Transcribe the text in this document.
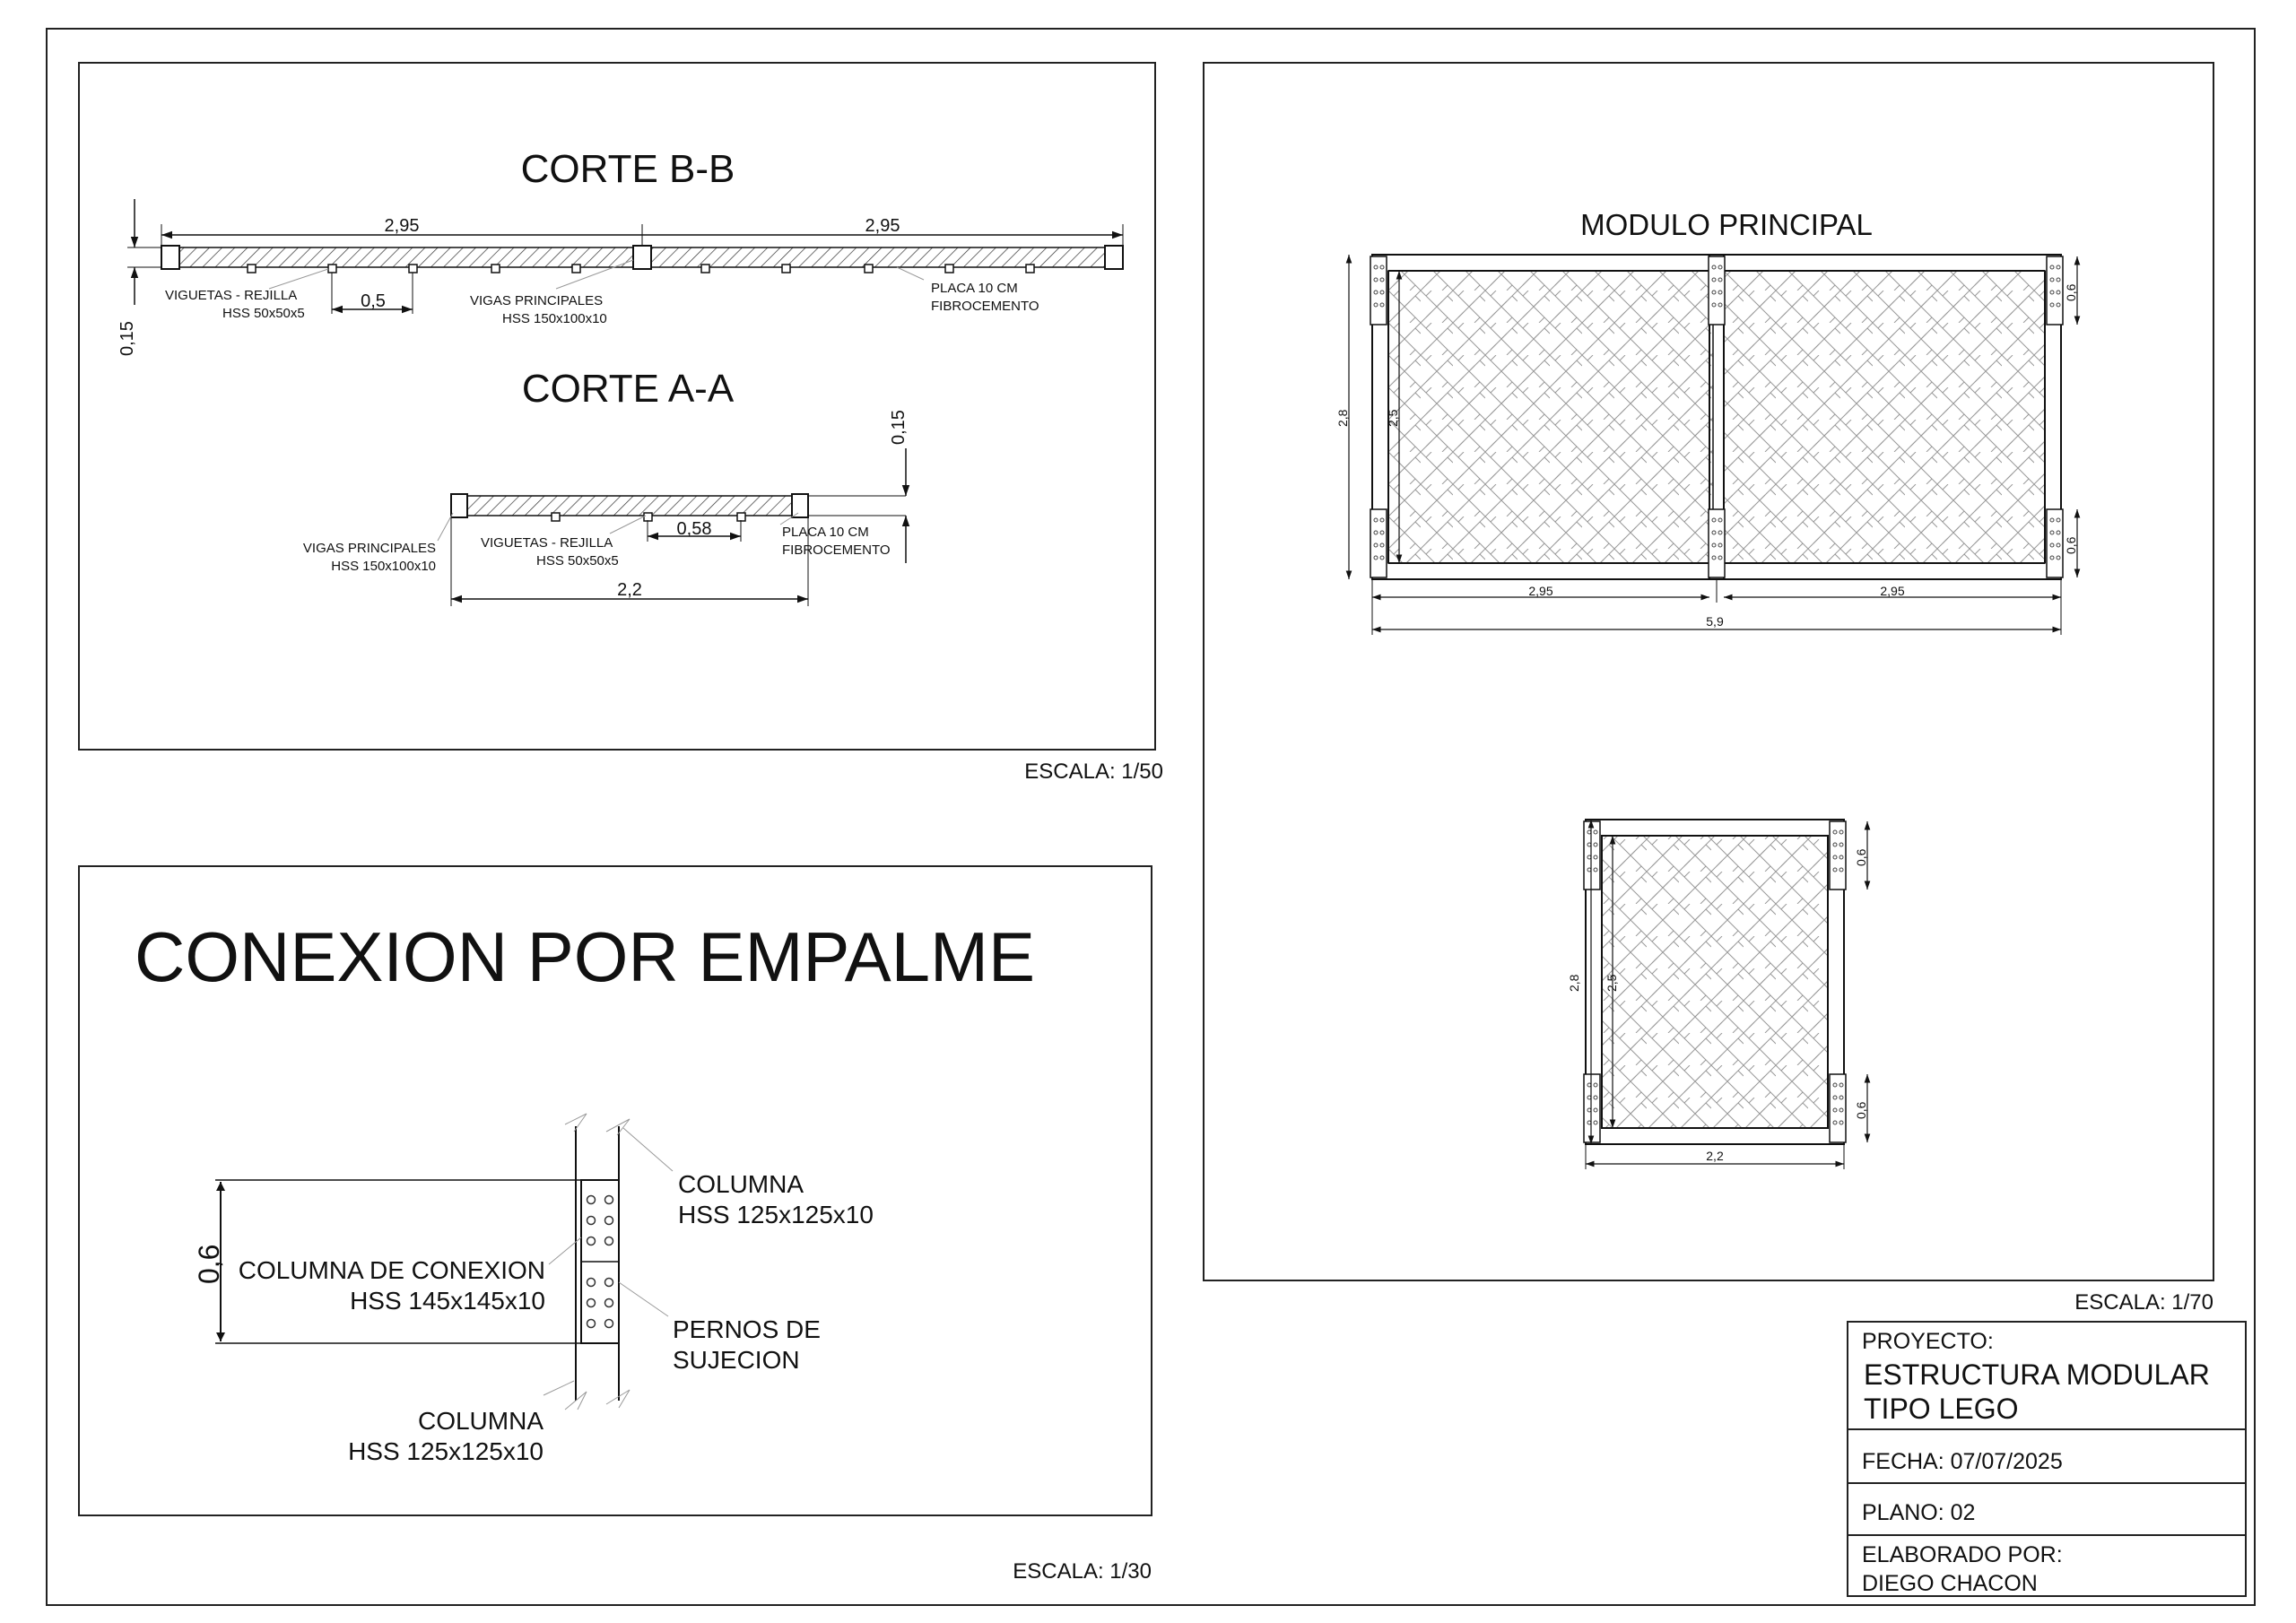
CORTE B-B
2,95	2,95
0,15
0,5
VIGUETAS - REJILLA
HSS 50x50x5
VIGAS PRINCIPALES
HSS 150x100x10
PLACA 10 CM
FIBROCEMENTO
CORTE A-A
0,15
0,58
2,2
VIGAS PRINCIPALES
HSS 150x100x10
VIGUETAS - REJILLA
HSS 50x50x5
PLACA 10 CM
FIBROCEMENTO
ESCALA: 1/50
CONEXION POR EMPALME
0,6 COLUMNA DE CONEXION
HSS 145x145x10
COLUMNA
HSS 125x125x10
PERNOS DE
SUJECION
COLUMNA
HSS 125x125x10
ESCALA: 1/30
MODULO PRINCIPAL
2,95	2,95
5,9
2,8	2,5
0,6
0,6
2,2
2,8 2,5
0,6
0,6
ESCALA: 1/70
PROYECTO:
ESTRUCTURA MODULAR
TIPO LEGO
FECHA: 07/07/2025
PLANO: 02
ELABORADO POR:
DIEGO CHACON
